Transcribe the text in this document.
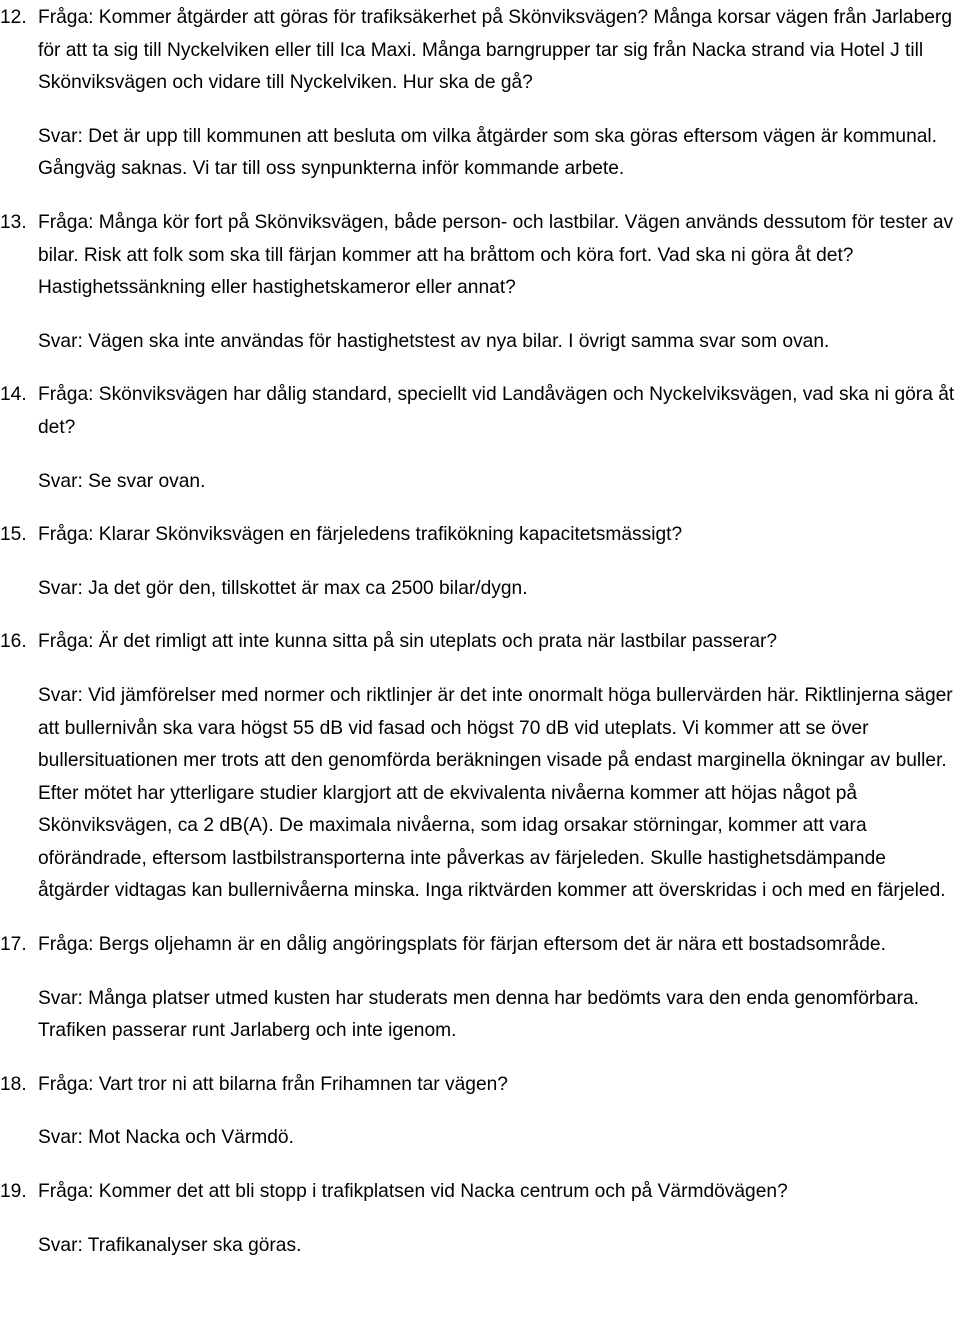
12. Fråga: Kommer åtgärder att göras för trafiksäkerhet på Skönviksvägen? Många korsar vägen från Jarlaberg för att ta sig till Nyckelviken eller till Ica Maxi. Många barngrupper tar sig från Nacka strand via Hotel J till Skönviksvägen och vidare till Nyckelviken. Hur ska de gå?

Svar: Det är upp till kommunen att besluta om vilka åtgärder som ska göras eftersom vägen är kommunal. Gångväg saknas. Vi tar till oss synpunkterna inför kommande arbete.

13. Fråga: Många kör fort på Skönviksvägen, både person- och lastbilar. Vägen används dessutom för tester av bilar. Risk att folk som ska till färjan kommer att ha bråttom och köra fort. Vad ska ni göra åt det? Hastighetssänkning eller hastighetskameror eller annat?

Svar: Vägen ska inte användas för hastighetstest av nya bilar. I övrigt samma svar som ovan.

14. Fråga: Skönviksvägen har dålig standard, speciellt vid Landåvägen och Nyckelviksvägen, vad ska ni göra åt det?

Svar: Se svar ovan.

15. Fråga: Klarar Skönviksvägen en färjeledens trafikökning kapacitetsmässigt?

Svar: Ja det gör den, tillskottet är max ca 2500 bilar/dygn.

16. Fråga: Är det rimligt att inte kunna sitta på sin uteplats och prata när lastbilar passerar?

Svar: Vid jämförelser med normer och riktlinjer är det inte onormalt höga bullervärden här. Riktlinjerna säger att bullernivån ska vara högst 55 dB vid fasad och högst 70 dB vid uteplats. Vi kommer att se över bullersituationen mer trots att den genomförda beräkningen visade på endast marginella ökningar av buller. Efter mötet har ytterligare studier klargjort att de ekvivalenta nivåerna kommer att höjas något på Skönviksvägen, ca 2 dB(A). De maximala nivåerna, som idag orsakar störningar, kommer att vara oförändrade, eftersom lastbilstransporterna inte påverkas av färjeleden. Skulle hastighetsdämpande åtgärder vidtagas kan bullernivåerna minska. Inga riktvärden kommer att överskridas i och med en färjeled.

17. Fråga: Bergs oljehamn är en dålig angöringsplats för färjan eftersom det är nära ett bostadsområde.

Svar: Många platser utmed kusten har studerats men denna har bedömts vara den enda genomförbara. Trafiken passerar runt Jarlaberg och inte igenom.

18. Fråga: Vart tror ni att bilarna från Frihamnen tar vägen?

Svar: Mot Nacka och Värmdö.

19. Fråga: Kommer det att bli stopp i trafikplatsen vid Nacka centrum och på Värmdövägen?

Svar: Trafikanalyser ska göras.
